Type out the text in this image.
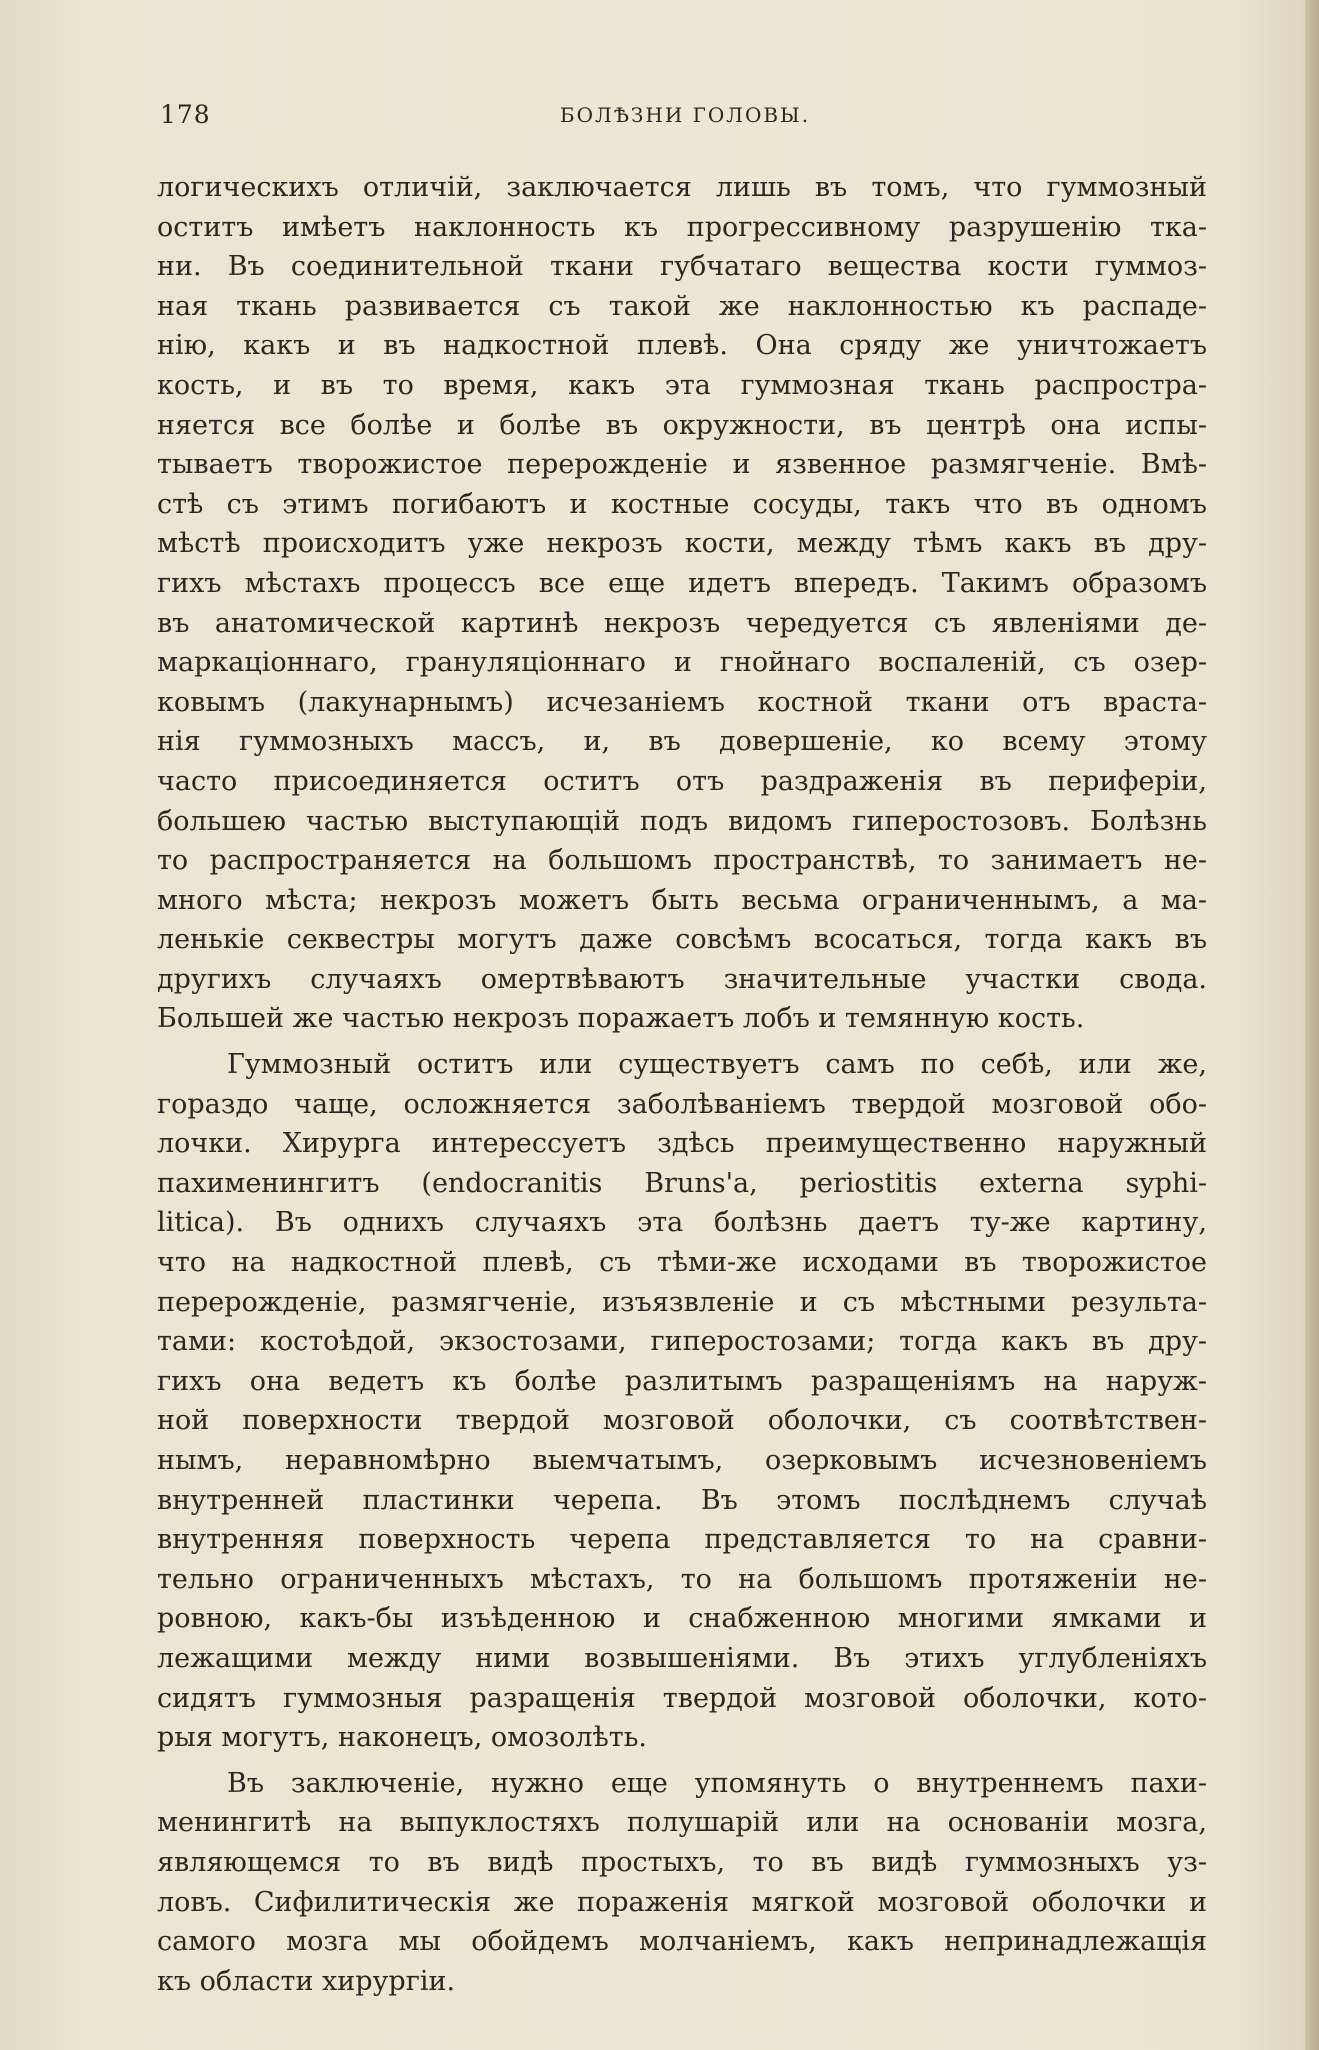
178	БОЛѢЗНИ ГОЛОВЫ.
логическихъ отличій, заключается лишь въ томъ, что гуммозный
оститъ имѣетъ наклонность къ прогрессивному разрушенію тка-
ни. Въ соединительной ткани губчатаго вещества кости гуммоз-
ная ткань развивается съ такой же наклонностью къ распаде-
нію, какъ и въ надкостной плевѣ. Она сряду же уничтожаетъ
кость, и въ то время, какъ эта гуммозная ткань распростра-
няется все болѣе и болѣе въ окружности, въ центрѣ она испы-
тываетъ творожистое перерожденіе и язвенное размягченіе. Вмѣ-
стѣ съ этимъ погибаютъ и костные сосуды, такъ что въ одномъ
мѣстѣ происходитъ уже некрозъ кости, между тѣмъ какъ въ дру-
гихъ мѣстахъ процессъ все еще идетъ впередъ. Такимъ образомъ
въ анатомической картинѣ некрозъ чередуется съ явленіями де-
маркаціоннаго, грануляціоннаго и гнойнаго воспаленій, съ озер-
ковымъ (лакунарнымъ) исчезаніемъ костной ткани отъ враста-
нія гуммозныхъ массъ, и, въ довершеніе, ко всему этому
часто присоединяется оститъ отъ раздраженія въ периферіи,
большею частью выступающій подъ видомъ гиперостозовъ. Болѣзнь
то распространяется на большомъ пространствѣ, то занимаетъ не-
много мѣста; некрозъ можетъ быть весьма ограниченнымъ, а ма-
ленькіе секвестры могутъ даже совсѣмъ всосаться, тогда какъ въ
другихъ случаяхъ омертвѣваютъ значительные участки свода.
Большей же частью некрозъ поражаетъ лобъ и темянную кость.
Гуммозный оститъ или существуетъ самъ по себѣ, или же,
гораздо чаще, осложняется заболѣваніемъ твердой мозговой обо-
лочки. Хирурга интерессуетъ здѣсь преимущественно наружный
пахименингитъ (endocranitis Bruns'a, periostitis externa syphi-
litica). Въ однихъ случаяхъ эта болѣзнь даетъ ту-же картину,
что на надкостной плевѣ, съ тѣми-же исходами въ творожистое
перерожденіе, размягченіе, изъязвленіе и съ мѣстными результа-
тами: костоѣдой, экзостозами, гиперостозами; тогда какъ въ дру-
гихъ она ведетъ къ болѣе разлитымъ разращеніямъ на наруж-
ной поверхности твердой мозговой оболочки, съ соотвѣтствен-
нымъ, неравномѣрно выемчатымъ, озерковымъ исчезновеніемъ
внутренней пластинки черепа. Въ этомъ послѣднемъ случаѣ
внутренняя поверхность черепа представляется то на сравни-
тельно ограниченныхъ мѣстахъ, то на большомъ протяженіи не-
ровною, какъ-бы изъѣденною и снабженною многими ямками и
лежащими между ними возвышеніями. Въ этихъ углубленіяхъ
сидятъ гуммозныя разращенія твердой мозговой оболочки, кото-
рыя могутъ, наконецъ, омозолѣть.
Въ заключеніе, нужно еще упомянуть о внутреннемъ пахи-
менингитѣ на выпуклостяхъ полушарій или на основаніи мозга,
являющемся то въ видѣ простыхъ, то въ видѣ гуммозныхъ уз-
ловъ. Сифилитическія же пораженія мягкой мозговой оболочки и
самого мозга мы обойдемъ молчаніемъ, какъ непринадлежащія
къ области хирургіи.
